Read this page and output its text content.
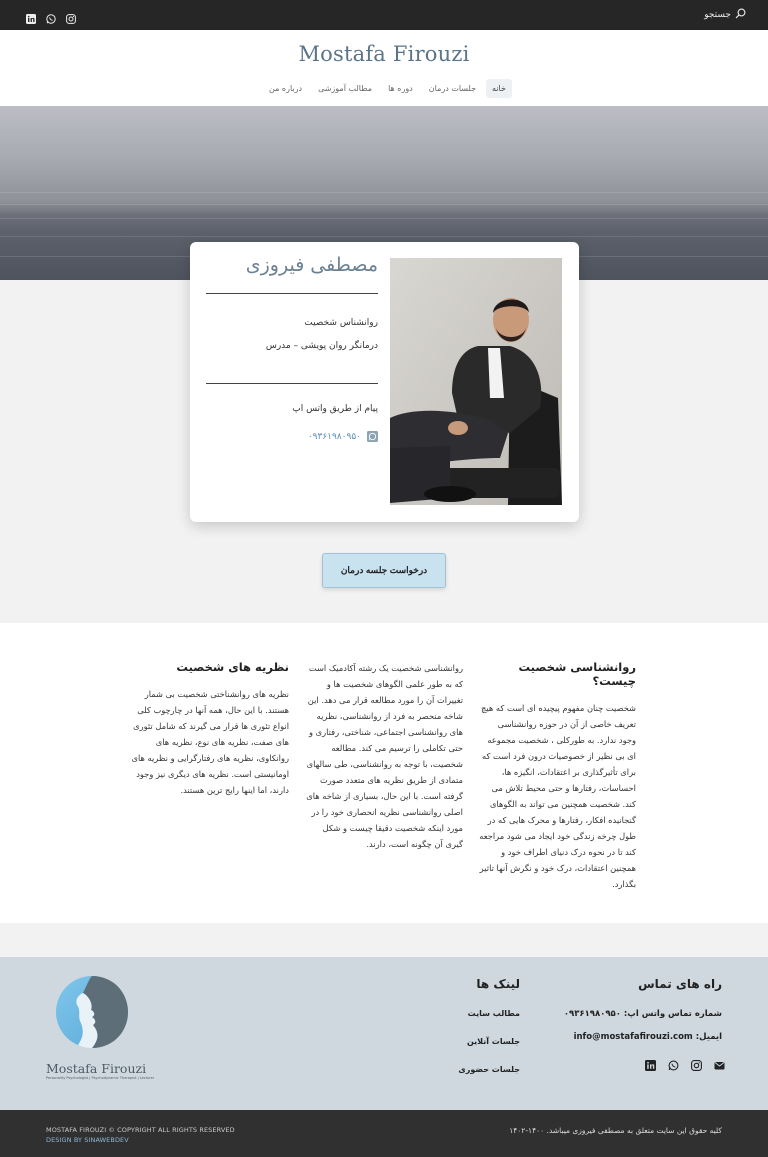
جستجو
Mostafa Firouzi
خانه
جلسات درمان
دوره ها
مطالب آموزشی
درباره من
مصطفی فیروزی
روانشناس شخصیت
درمانگر روان پویشی – مدرس
پیام از طریق واتس اپ
۰۹۳۶۱۹۸۰۹۵۰
درخواست جلسه درمان
روانشناسی شخصیت چیست؟

شخصیت چنان مفهوم پیچیده ای است که هیچ تعریف خاصی از آن در حوزه روانشناسی وجود ندارد. به طورکلی ، شخصیت مجموعه ای بی نظیر از خصوصیات درون فرد است که برای تأثیرگذاری بر اعتقادات، انگیزه ها، احساسات، رفتارها و حتی محیط تلاش می کند. شخصیت همچنین می تواند به الگوهای گنجانیده افکار، رفتارها و محرک هایی که در طول چرخه زندگی خود ایجاد می شود مراجعه کند تا در نحوه درک دنیای اطراف خود و همچنین اعتقادات، درک خود و نگرش آنها تاثیر بگذارد.

روانشناسی شخصیت یک رشته آکادمیک است که به طور علمی الگوهای شخصیت ها و تغییرات آن را مورد مطالعه قرار می دهد. این شاخه منحصر به فرد از روانشناسی، نظریه های روانشناسی اجتماعی، شناختی، رفتاری و حتی تکاملی را ترسیم می کند. مطالعه شخصیت، با توجه به روانشناسی، طی سالهای متمادی از طریق نظریه های متعدد صورت گرفته است. با این حال، بسیاری از شاخه های اصلی روانشناسی نظریه انحصاری خود را در مورد اینکه شخصیت دقیقا چیست و شکل گیری آن چگونه است، دارند.

نظریه های شخصیت

نظریه های روانشناختی شخصیت بی شمار هستند. با این حال، همه آنها در چارچوب کلی انواع تئوری ها قرار می گیرند که شامل تئوری های صفت، نظریه های نوع، نظریه های روانکاوی، نظریه های رفتارگرایی و نظریه های اومانیستی است. نظریه های دیگری نیز وجود دارند، اما اینها رایج ترین هستند.

راه های تماس
شماره تماس واتس اپ: ۰۹۳۶۱۹۸۰۹۵۰
ایمیل: info@mostafafirouzi.com
لینک ها
مطالب سایت
جلسات آنلاین
جلسات حضوری
Mostafa Firouzi
Personality Psychologist | Psychodynamic Therapist | Lecturer
MOSTAFA FIROUZI © COPYRIGHT ALL RIGHTS RESERVED
DESIGN BY SINAWEBDEV
کلیه حقوق این سایت متعلق به مصطفی فیروزی میباشد. ۱۴۰۰-۱۴۰۲
